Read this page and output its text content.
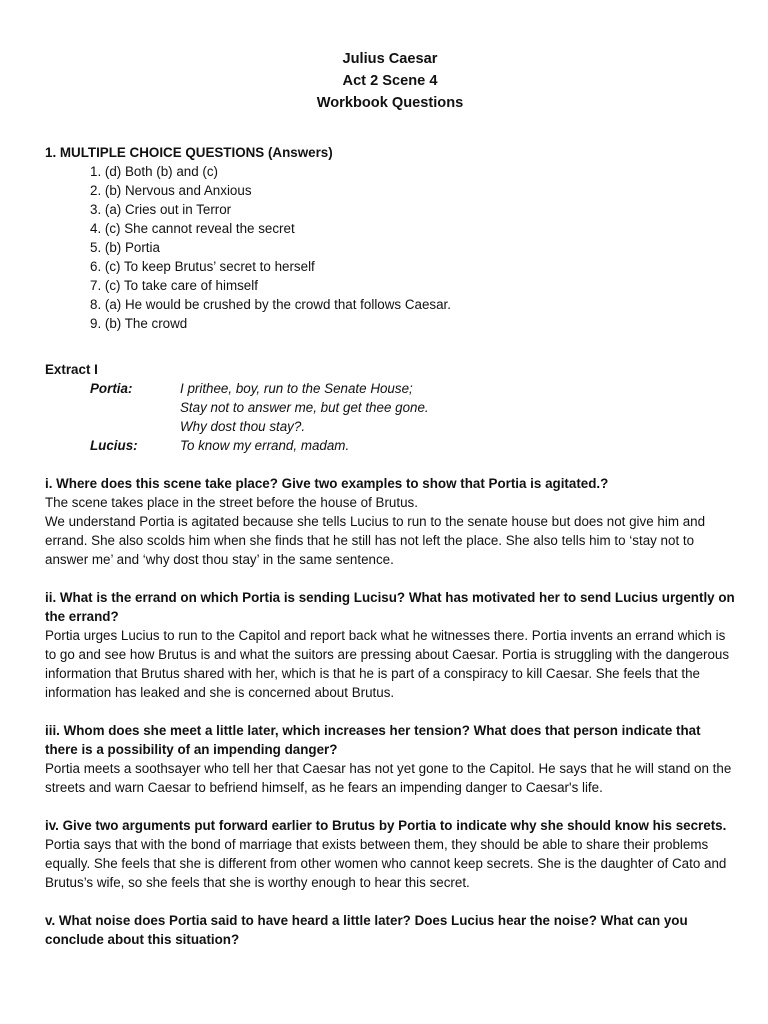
Julius Caesar
Act 2 Scene 4
Workbook Questions
1. MULTIPLE CHOICE QUESTIONS (Answers)
1. (d) Both (b) and (c)
2. (b) Nervous and Anxious
3. (a) Cries out in Terror
4. (c) She cannot reveal the secret
5. (b) Portia
6. (c) To keep Brutus’ secret to herself
7. (c) To take care of himself
8. (a) He would be crushed by the crowd that follows Caesar.
9. (b) The crowd
Extract I
Portia:	I prithee, boy, run to the Senate House;
Stay not to answer me, but get thee gone.
Why dost thou stay?.
Lucius:	To know my errand, madam.
i. Where does this scene take place? Give two examples to show that Portia is agitated.?

The scene takes place in the street before the house of Brutus.

We understand Portia is agitated because she tells Lucius to run to the senate house but does not give him and errand. She also scolds him when she finds that he still has not left the place. She also tells him to ‘stay not to answer me’ and ‘why dost thou stay’ in the same sentence.

ii. What is the errand on which Portia is sending Lucisu? What has motivated her to send Lucius urgently on the errand?

Portia urges Lucius to run to the Capitol and report back what he witnesses there. Portia invents an errand which is to go and see how Brutus is and what the suitors are pressing about Caesar. Portia is struggling with the dangerous information that Brutus shared with her, which is that he is part of a conspiracy to kill Caesar. She feels that the information has leaked and she is concerned about Brutus.

iii. Whom does she meet a little later, which increases her tension? What does that person indicate that there is a possibility of an impending danger?

Portia meets a soothsayer who tell her that Caesar has not yet gone to the Capitol. He says that he will stand on the streets and warn Caesar to befriend himself, as he fears an impending danger to Caesar's life.

iv. Give two arguments put forward earlier to Brutus by Portia to indicate why she should know his secrets.

Portia says that with the bond of marriage that exists between them, they should be able to share their problems equally. She feels that she is different from other women who cannot keep secrets. She is the daughter of Cato and Brutus’s wife, so she feels that she is worthy enough to hear this secret.

v. What noise does Portia said to have heard a little later? Does Lucius hear the noise? What can you conclude about this situation?
